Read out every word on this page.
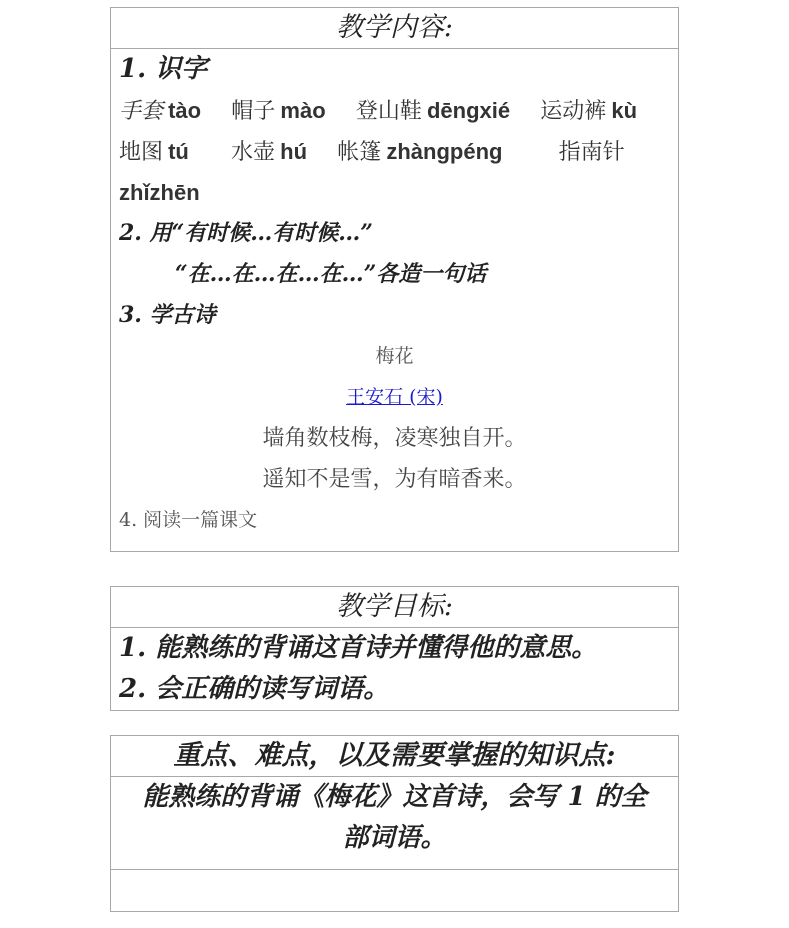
教学内容:

1. 识字
手套 tào 帽子 mào 登山鞋 dēngxié 运动裤 kù
地图 tú 水壶 hú 帐篷 zhàngpéng	指南针
zhǐzhēn
2. 用“有时候…有时候…”
“在…在…在…在…”各造一句话
3. 学古诗
梅花
王安石 (宋)
墙角数枝梅，凌寒独自开。
遥知不是雪，为有暗香来。
4. 阅读一篇课文
教学目标:

1. 能熟练的背诵这首诗并懂得他的意思。
2. 会正确的读写词语。
重点、难点，以及需要掌握的知识点:

能熟练的背诵《梅花》这首诗，会写 1 的全
部词语。
